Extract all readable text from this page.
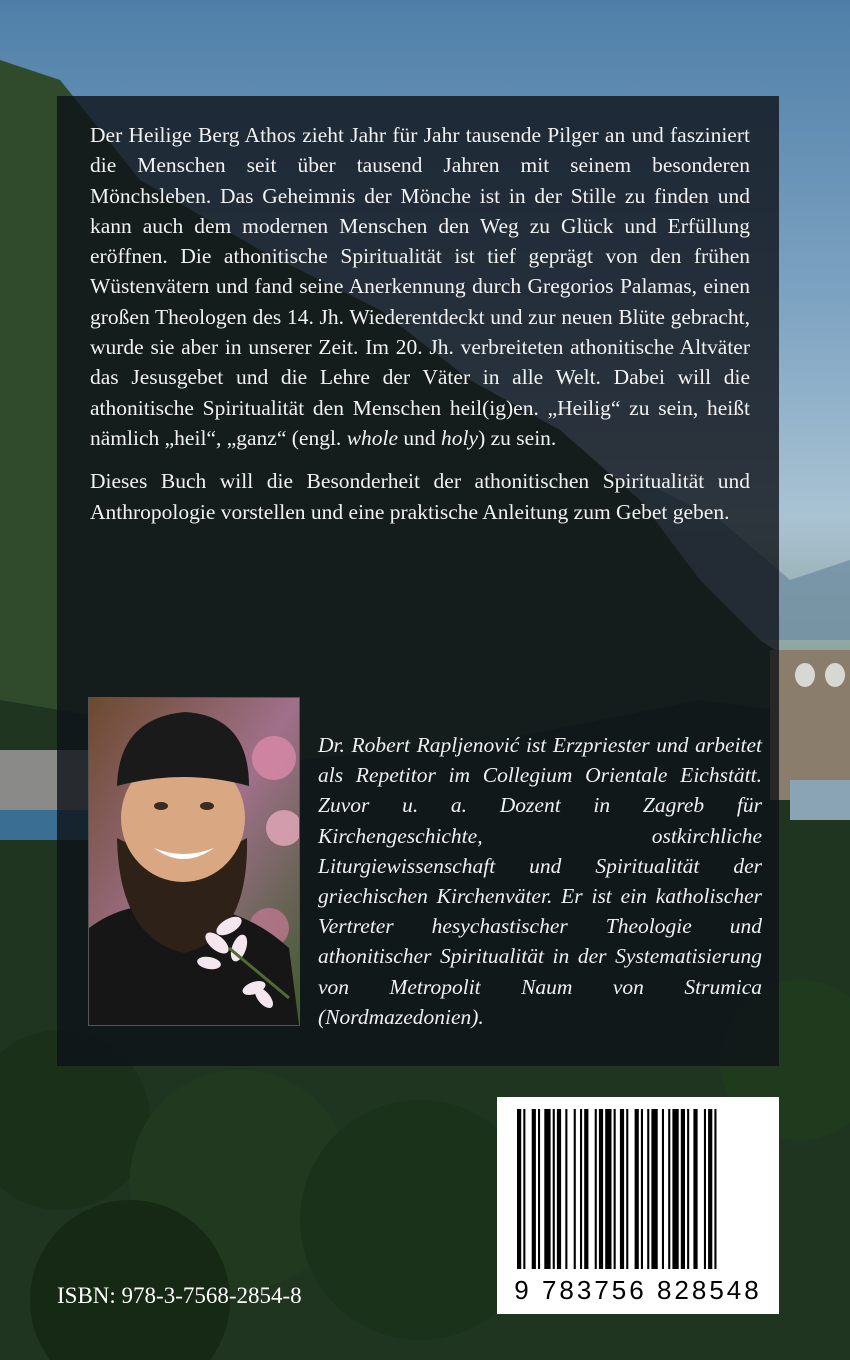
Der Heilige Berg Athos zieht Jahr für Jahr tausende Pilger an und fasziniert die Menschen seit über tausend Jahren mit seinem besonderen Mönchsleben. Das Geheimnis der Mönche ist in der Stille zu finden und kann auch dem modernen Menschen den Weg zu Glück und Erfüllung eröffnen. Die athonitische Spiritualität ist tief geprägt von den frühen Wüstenvätern und fand seine Anerkennung durch Gregorios Palamas, einen großen Theologen des 14. Jh. Wiederentdeckt und zur neuen Blüte gebracht, wurde sie aber in unserer Zeit. Im 20. Jh. verbreiteten athonitische Altväter das Jesusgebet und die Lehre der Väter in alle Welt. Dabei will die athonitische Spiritualität den Menschen heil(ig)en. „Heilig“ zu sein, heißt nämlich „heil“, „ganz“ (engl. whole und holy) zu sein.

Dieses Buch will die Besonderheit der athonitischen Spiritualität und Anthropologie vorstellen und eine praktische Anleitung zum Gebet geben.

Dr. Robert Rapljenović ist Erzpriester und arbeitet als Repetitor im Collegium Orientale Eichstätt. Zuvor u. a. Dozent in Zagreb für Kirchengeschichte, ostkirchliche Liturgiewissenschaft und Spiritualität der griechischen Kirchenväter. Er ist ein katholischer Vertreter hesychastischer Theologie und athonitischer Spiritualität in der Systematisierung von Metropolit Naum von Strumica (Nordmazedonien).
ISBN: 978-3-7568-2854-8	9 783756 828548
